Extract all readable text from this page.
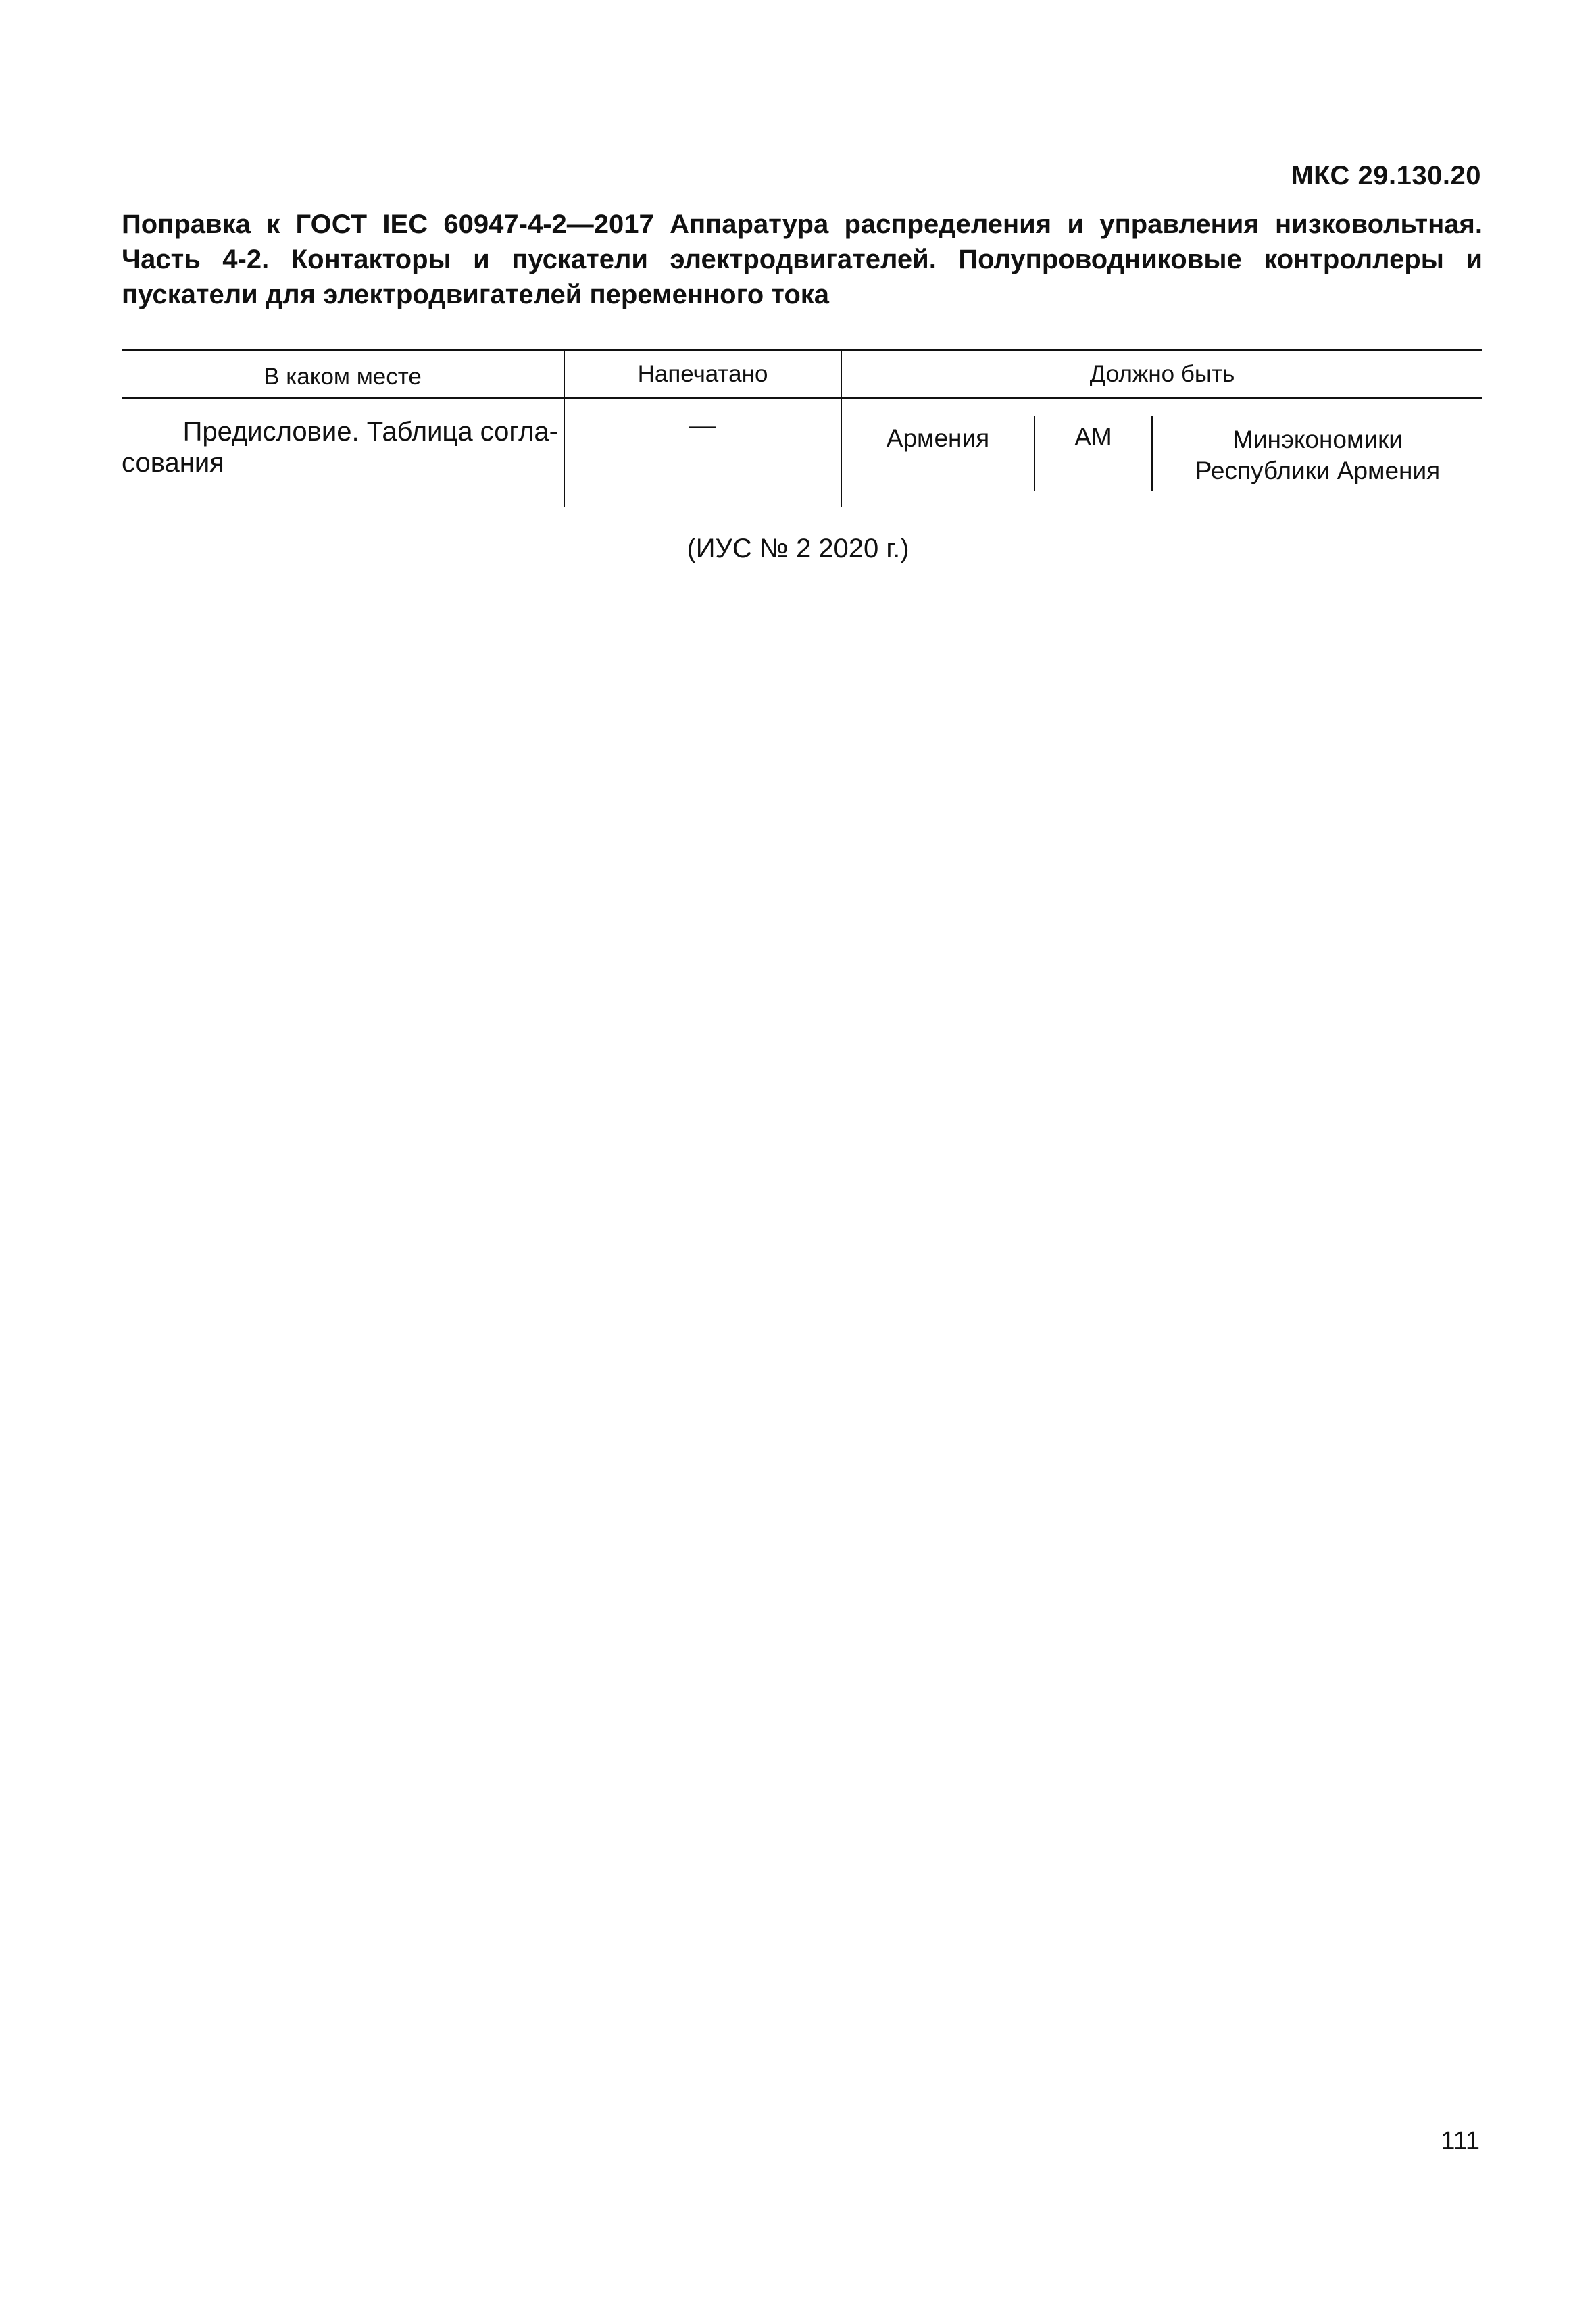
МКС 29.130.20
Поправка к ГОСТ IEC 60947-4-2—2017 Аппаратура распределения и управления низковольтная. Часть 4-2. Контакторы и пускатели электродвигателей. Полупроводниковые контроллеры и пускатели для электродвигателей переменного тока
В каком месте	Напечатано	Должно быть
Предисловие. Таблица согла-
сования
—	Армения	АМ	Минэкономики
Республики Армения
(ИУС № 2 2020 г.)
111
